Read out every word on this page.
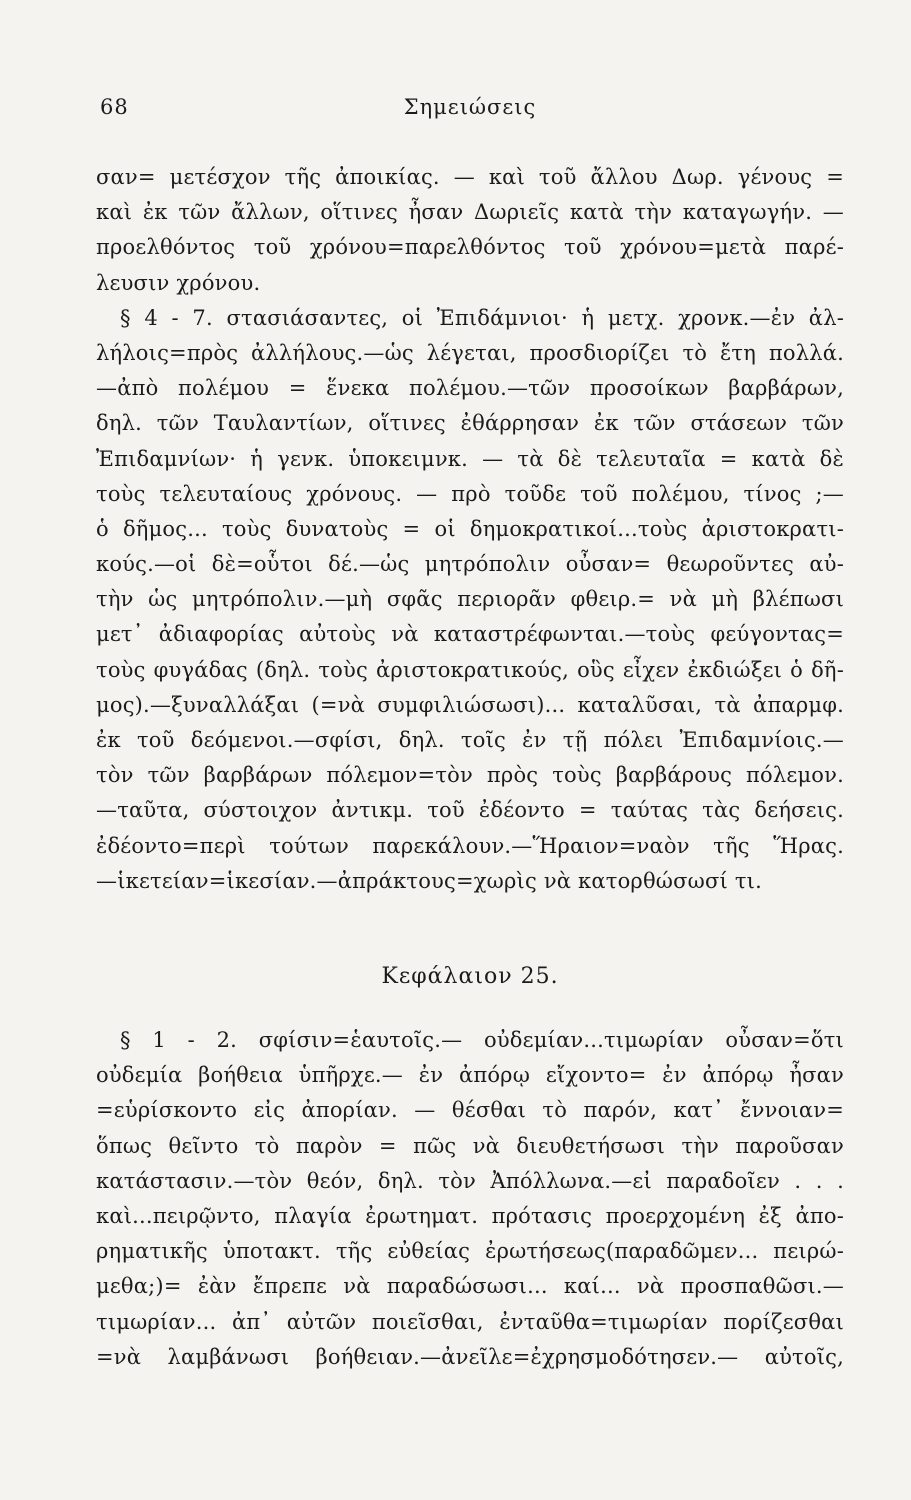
68	Σημειώσεις
σαν= μετέσχον τῆς ἀποικίας. — καὶ τοῦ ἄλλου Δωρ. γένους =
καὶ ἐκ τῶν ἄλλων, οἵτινες ἦσαν Δωριεῖς κατὰ τὴν καταγωγήν. —
προελθόντος τοῦ χρόνου=παρελθόντος τοῦ χρόνου=μετὰ παρέ-
λευσιν χρόνου.
§ 4 - 7. στασιάσαντες, οἱ Ἐπιδάμνιοι· ἡ μετχ. χρονκ.—ἐν ἀλ-
λήλοις=πρὸς ἀλλήλους.—ὡς λέγεται, προσδιορίζει τὸ ἔτη πολλά.
—ἀπὸ πολέμου = ἕνεκα πολέμου.—τῶν προσοίκων βαρβάρων,
δηλ. τῶν Ταυλαντίων, οἵτινες ἐθάρρησαν ἐκ τῶν στάσεων τῶν
Ἐπιδαμνίων· ἡ γενκ. ὑποκειμνκ. — τὰ δὲ τελευταῖα = κατὰ δὲ
τοὺς τελευταίους χρόνους. — πρὸ τοῦδε τοῦ πολέμου, τίνος ;—
ὁ δῆμος... τοὺς δυνατοὺς = οἱ δημοκρατικοί...τοὺς ἀριστοκρατι-
κούς.—οἱ δὲ=οὗτοι δέ.—ὡς μητρόπολιν οὖσαν= θεωροῦντες αὐ-
τὴν ὡς μητρόπολιν.—μὴ σφᾶς περιορᾶν φθειρ.= νὰ μὴ βλέπωσι
μετ᾽ ἀδιαφορίας αὐτοὺς νὰ καταστρέφωνται.—τοὺς φεύγοντας=
τοὺς φυγάδας (δηλ. τοὺς ἀριστοκρατικούς, οὓς εἶχεν ἐκδιώξει ὁ δῆ-
μος).—ξυναλλάξαι (=νὰ συμφιλιώσωσι)... καταλῦσαι, τὰ ἀπαρμφ.
ἐκ τοῦ δεόμενοι.—σφίσι, δηλ. τοῖς ἐν τῇ πόλει Ἐπιδαμνίοις.—
τὸν τῶν βαρβάρων πόλεμον=τὸν πρὸς τοὺς βαρβάρους πόλεμον.
—ταῦτα, σύστοιχον ἀντικμ. τοῦ ἐδέοντο = ταύτας τὰς δεήσεις.
ἐδέοντο=περὶ τούτων παρεκάλουν.—Ἥραιον=ναὸν τῆς Ἥρας.
—ἱκετείαν=ἱκεσίαν.—ἀπράκτους=χωρὶς νὰ κατορθώσωσί τι.
Κεφάλαιον 25.
§ 1 - 2. σφίσιν=ἑαυτοῖς.— οὐδεμίαν...τιμωρίαν οὖσαν=ὅτι
οὐδεμία βοήθεια ὑπῆρχε.— ἐν ἀπόρῳ εἴχοντο= ἐν ἀπόρῳ ἦσαν
=εὑρίσκοντο εἰς ἀπορίαν. — θέσθαι τὸ παρόν, κατ᾽ ἔννοιαν=
ὅπως θεῖντο τὸ παρὸν = πῶς νὰ διευθετήσωσι τὴν παροῦσαν
κατάστασιν.—τὸν θεόν, δηλ. τὸν Ἀπόλλωνα.—εἰ παραδοῖεν . . .
καὶ...πειρῷντο, πλαγία ἐρωτηματ. πρότασις προερχομένη ἐξ ἀπο-
ρηματικῆς ὑποτακτ. τῆς εὐθείας ἐρωτήσεως(παραδῶμεν... πειρώ-
μεθα;)= ἐὰν ἔπρεπε νὰ παραδώσωσι... καί... νὰ προσπαθῶσι.—
τιμωρίαν... ἀπ᾽ αὐτῶν ποιεῖσθαι, ἐνταῦθα=τιμωρίαν πορίζεσθαι
=νὰ λαμβάνωσι βοήθειαν.—ἀνεῖλε=ἐχρησμοδότησεν.— αὐτοῖς,
